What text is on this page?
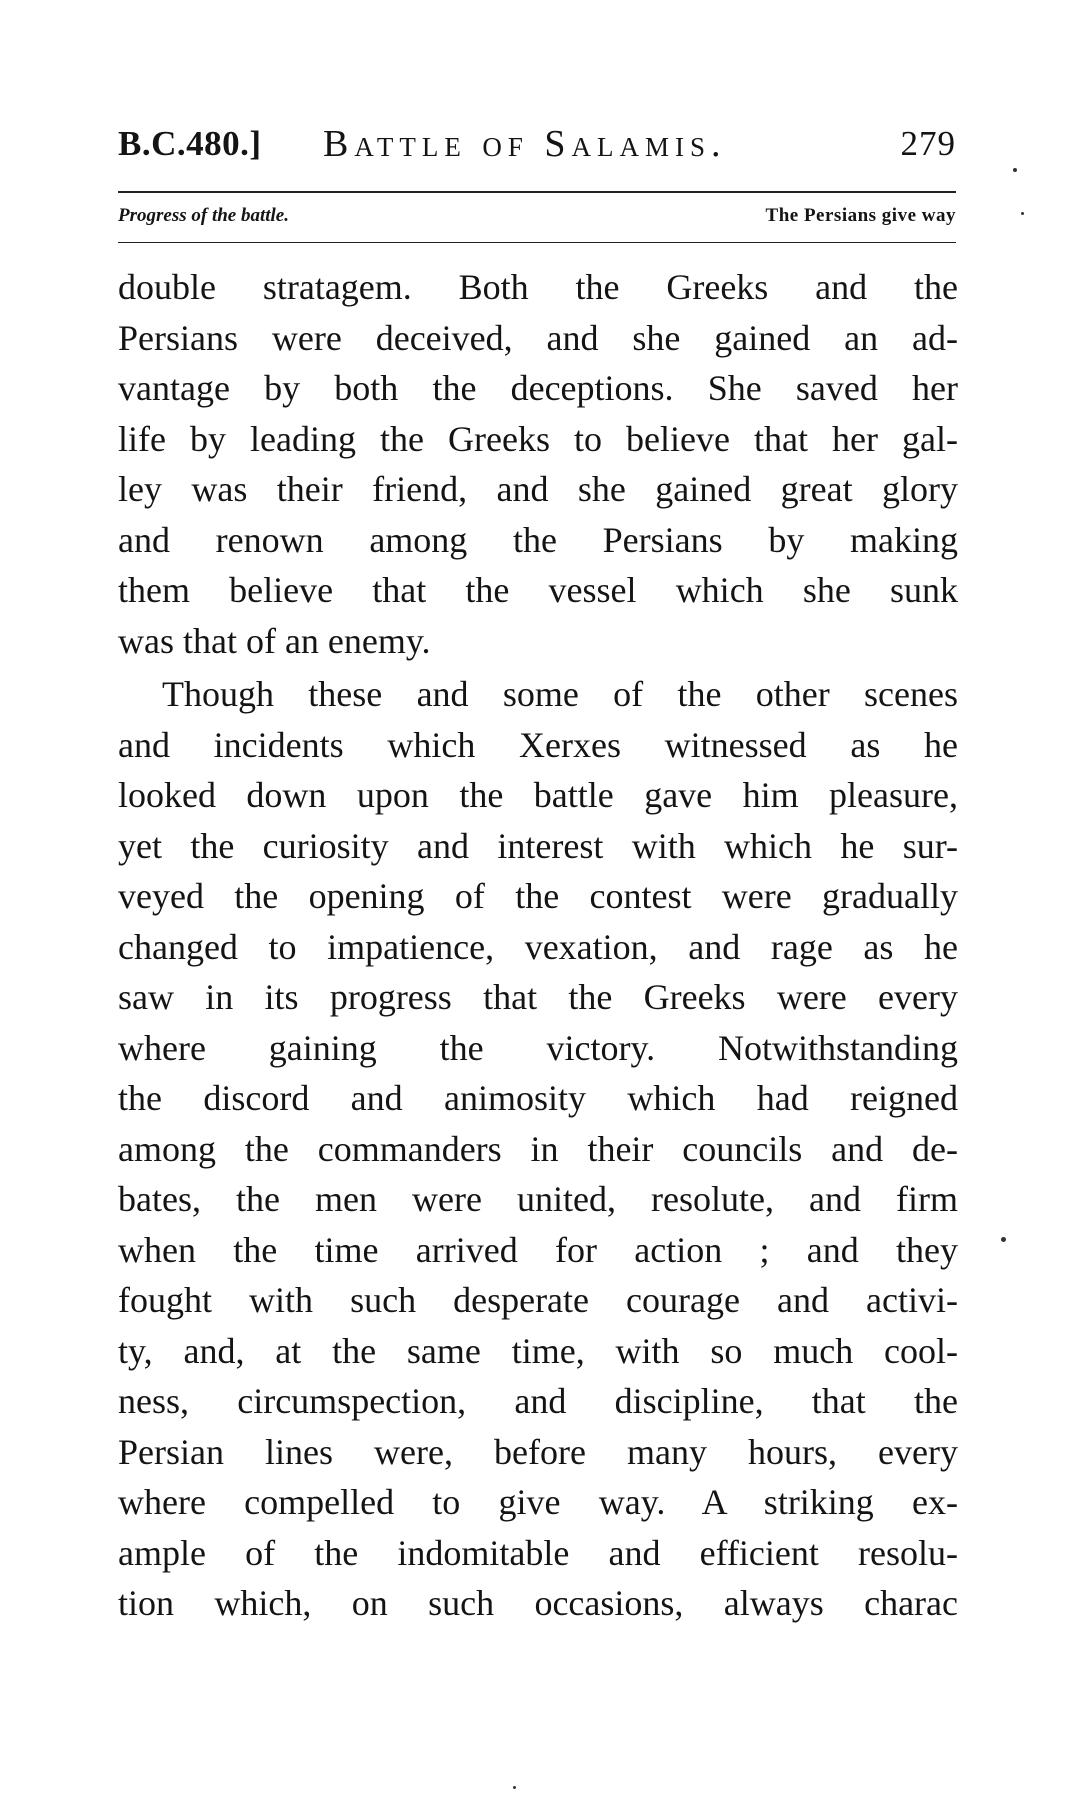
B.C.480.] Battle of Salamis.	279
Progress of the battle.	The Persians give way
double stratagem. Both the Greeks and the
Persians were deceived, and she gained an ad-
vantage by both the deceptions. She saved her
life by leading the Greeks to believe that her gal-
ley was their friend, and she gained great glory
and renown among the Persians by making
them believe that the vessel which she sunk
was that of an enemy.
Though these and some of the other scenes
and incidents which Xerxes witnessed as he
looked down upon the battle gave him pleasure,
yet the curiosity and interest with which he sur-
veyed the opening of the contest were gradually
changed to impatience, vexation, and rage as he
saw in its progress that the Greeks were every
where gaining the victory. Notwithstanding
the discord and animosity which had reigned
among the commanders in their councils and de-
bates, the men were united, resolute, and firm
when the time arrived for action ; and they
fought with such desperate courage and activi-
ty, and, at the same time, with so much cool-
ness, circumspection, and discipline, that the
Persian lines were, before many hours, every
where compelled to give way. A striking ex-
ample of the indomitable and efficient resolu-
tion which, on such occasions, always charac
